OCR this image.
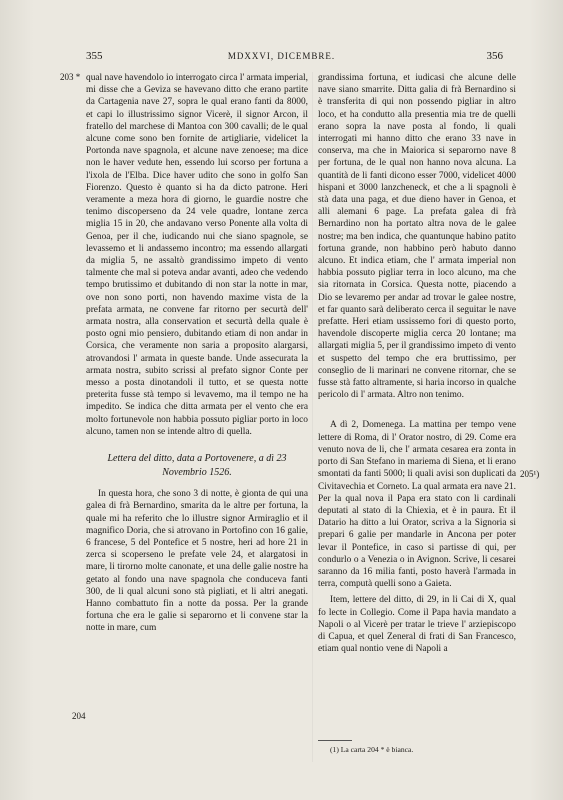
355	MDXXVI, DICEMBRE.	356
203 *
204
205¹)

qual nave havendolo io interrogato circa l' armata imperial, mi disse che a Geviza se havevano ditto che erano partite da Cartagenia nave 27, sopra le qual erano fanti da 8000, et capi lo illustrissimo signor Vicerè, il signor Arcon, il fratello del marchese di Mantoa con 300 cavalli; de le qual alcune come sono ben fornite de artigliarie, videlicet la Portonda nave spagnola, et alcune nave zenoese; ma dice non le haver vedute hen, essendo lui scorso per fortuna a l'ixola de l'Elba. Dice haver udito che sono in golfo San Fiorenzo. Questo è quanto si ha da dicto patrone. Heri veramente a meza hora di giorno, le guardie nostre che tenimo discoperseno da 24 vele quadre, lontane zerca miglia 15 in 20, che andavano verso Ponente alla volta di Genoa, per il che, iudicando nui che siano spagnole, se levassemo et li andassemo incontro; ma essendo allargati da miglia 5, ne assaltò grandissimo impeto di vento talmente che mal si poteva andar avanti, adeo che vedendo tempo brutissimo et dubitando di non star la notte in mar, ove non sono porti, non havendo maxime vista de la prefata armata, ne convene far ritorno per securtà dell' armata nostra, alla conservation et securtà della quale è posto ogni mio pensiero, dubitando etiam di non andar in Corsica, che veramente non saria a proposito alargarsi, atrovandosi l' armata in queste bande. Unde assecurata la armata nostra, subito scrissi al prefato signor Conte per messo a posta dinotandoli il tutto, et se questa notte preterita fusse stà tempo si levavemo, ma il tempo ne ha impedito. Se indica che ditta armata per el vento che era molto fortunevole non habbia possuto pigliar porto in loco alcuno, tamen non se intende altro di quella.

Lettera del ditto, data a Portovenere, a dì 23 Novembrio 1526.

In questa hora, che sono 3 di notte, è gionta de qui una galea di frà Bernardino, smarita da le altre per fortuna, la quale mi ha referito che lo illustre signor Armiraglio et il magnifico Doria, che si atrovano in Portofino con 16 galie, 6 francese, 5 del Pontefice et 5 nostre, heri ad hore 21 in zerca si scoperseno le prefate vele 24, et alargatosi in mare, li tirorno molte canonate, et una delle galie nostre ha getato al fondo una nave spagnola che conduceva fanti 300, de li qual alcuni sono stà pigliati, et li altri anegati. Hanno combattuto fin a notte da possa. Per la grande fortuna che era le galie si separorno et li convene star la notte in mare, cum

grandissima fortuna, et iudicasi che alcune delle nave siano smarrite. Ditta galia di frà Bernardino si è transferita di qui non possendo pigliar in altro loco, et ha condutto alla presentia mia tre de quelli erano sopra la nave posta al fondo, li quali interrogati mi hanno ditto che erano 33 nave in conserva, ma che in Maiorica si separorno nave 8 per fortuna, de le qual non hanno nova alcuna. La quantità de li fanti dicono esser 7000, videlicet 4000 hispani et 3000 lanzcheneck, et che a li spagnoli è stà data una paga, et due dieno haver in Genoa, et alli alemani 6 page. La prefata galea di frà Bernardino non ha portato altra nova de le galee nostre; ma ben indica, che quantunque habino patito fortuna grande, non habbino però habuto danno alcuno. Et indica etiam, che l' armata imperial non habbia possuto pigliar terra in loco alcuno, ma che sia ritornata in Corsica. Questa notte, piacendo a Dio se levaremo per andar ad trovar le galee nostre, et far quanto sarà deliberato cerca il seguitar le nave prefatte. Heri etiam ussissemo fori di questo porto, havendole discoperte miglia cerca 20 lontane; ma allargati miglia 5, per il grandissimo impeto di vento et suspetto del tempo che era bruttissimo, per conseglio de li marinari ne convene ritornar, che se fusse stà fatto altramente, si haria incorso in qualche pericolo di l' armata. Altro non tenimo.

A dì 2, Domenega. La mattina per tempo vene lettere di Roma, di l' Orator nostro, di 29. Come era venuto nova de li, che l' armata cesarea era zonta in porto di San Stefano in mariema di Siena, et li erano smontati da fanti 5000; li quali avisi son duplicati da Civitavechia et Corneto. La qual armata era nave 21. Per la qual nova il Papa era stato con li cardinali deputati al stato di la Chiexia, et è in paura. Et il Datario ha ditto a lui Orator, scriva a la Signoria si prepari 6 galie per mandarle in Ancona per poter levar il Pontefice, in caso si partisse di qui, per condurlo o a Venezia o in Avignon. Scrive, li cesarei saranno da 16 milia fanti, posto haverà l'armada in terra, computà quelli sono a Gaieta.

Item, lettere del ditto, di 29, in li Cai di X, qual fo lecte in Collegio. Come il Papa havia mandato a Napoli o al Vicerè per tratar le trieve l' arziepiscopo di Capua, et quel Zeneral di frati di San Francesco, etiam qual nontio vene di Napoli a

(1) La carta 204 * è bianca.
